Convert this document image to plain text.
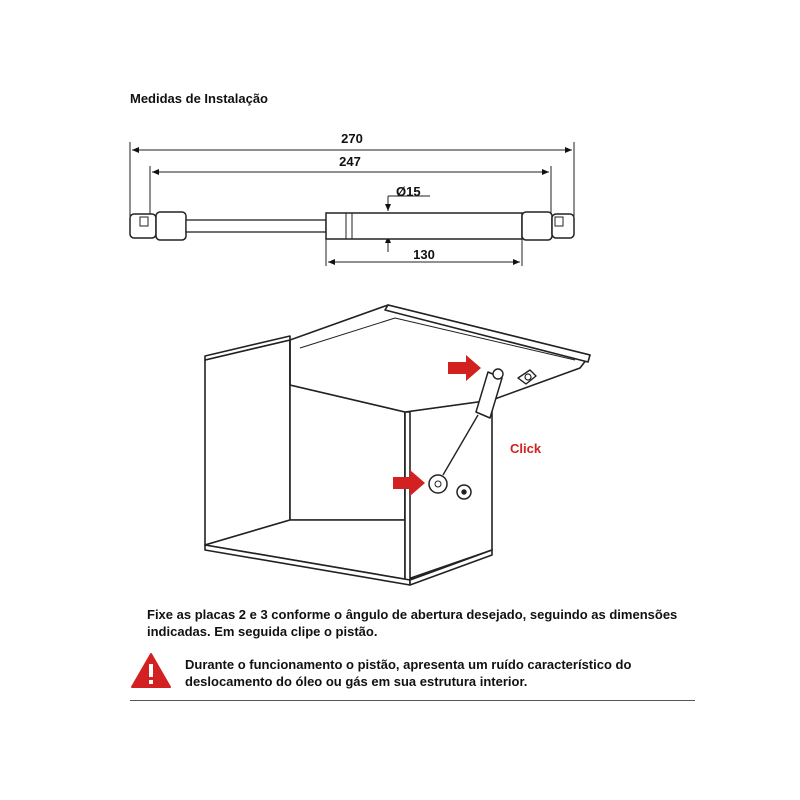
Medidas de Instalação
270
247
Ø15
130
Click

Fixe as placas 2 e 3 conforme o ângulo de abertura desejado, seguindo as dimensões indicadas. Em seguida clipe o pistão.

Durante o funcionamento o pistão, apresenta um ruído característico do deslocamento do óleo ou gás em sua estrutura interior.
